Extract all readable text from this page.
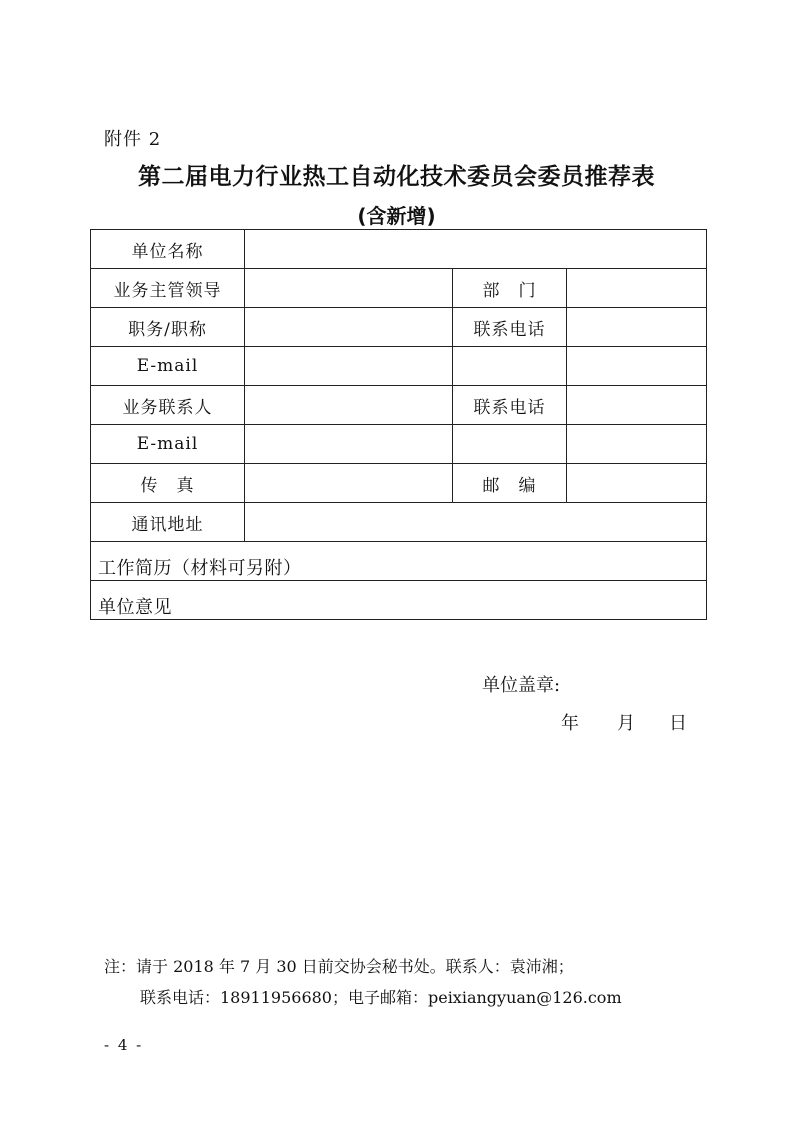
附件 2
第二届电力行业热工自动化技术委员会委员推荐表
(含新增)
单位名称			
业务主管领导		部　门	
职务/职称		联系电话	
E-mail			
业务联系人		联系电话	
E-mail			
传　真		邮　编	
通讯地址			

工作简历（材料可另附）			

单位意见
单位盖章:
年 月 日			
注：请于 2018 年 7 月 30 日前交协会秘书处。联系人：袁沛湘；
联系电话：18911956680；电子邮箱：peixiangyuan@126.com
- 4 -
